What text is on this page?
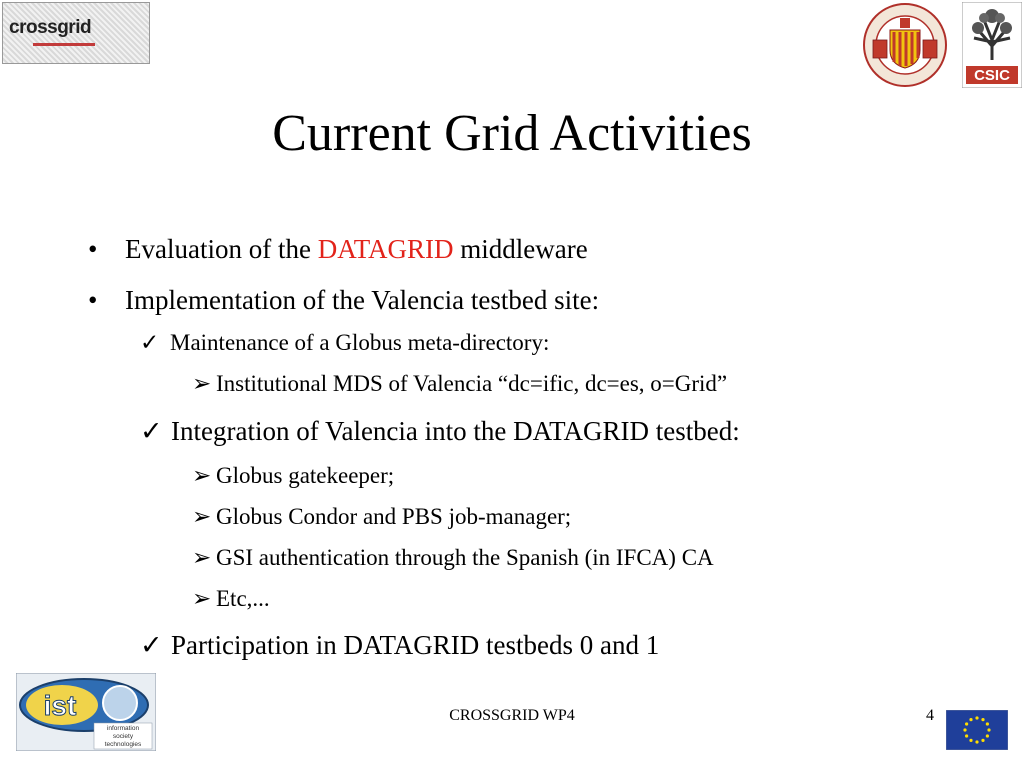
crossgrid
CSIC
Current Grid Activities
• Evaluation of the DATAGRID middleware
• Implementation of the Valencia testbed site:
✓ Maintenance of a Globus meta-directory:
➢ Institutional MDS of Valencia “dc=ific, dc=es, o=Grid”
✓ Integration of Valencia into the DATAGRID testbed:
➢ Globus gatekeeper;
➢ Globus Condor and PBS job-manager;
➢ GSI authentication through the Spanish (in IFCA) CA
➢ Etc,...
✓ Participation in DATAGRID testbeds 0 and 1
ist
information
society
technologies
CROSSGRID WP4	4
